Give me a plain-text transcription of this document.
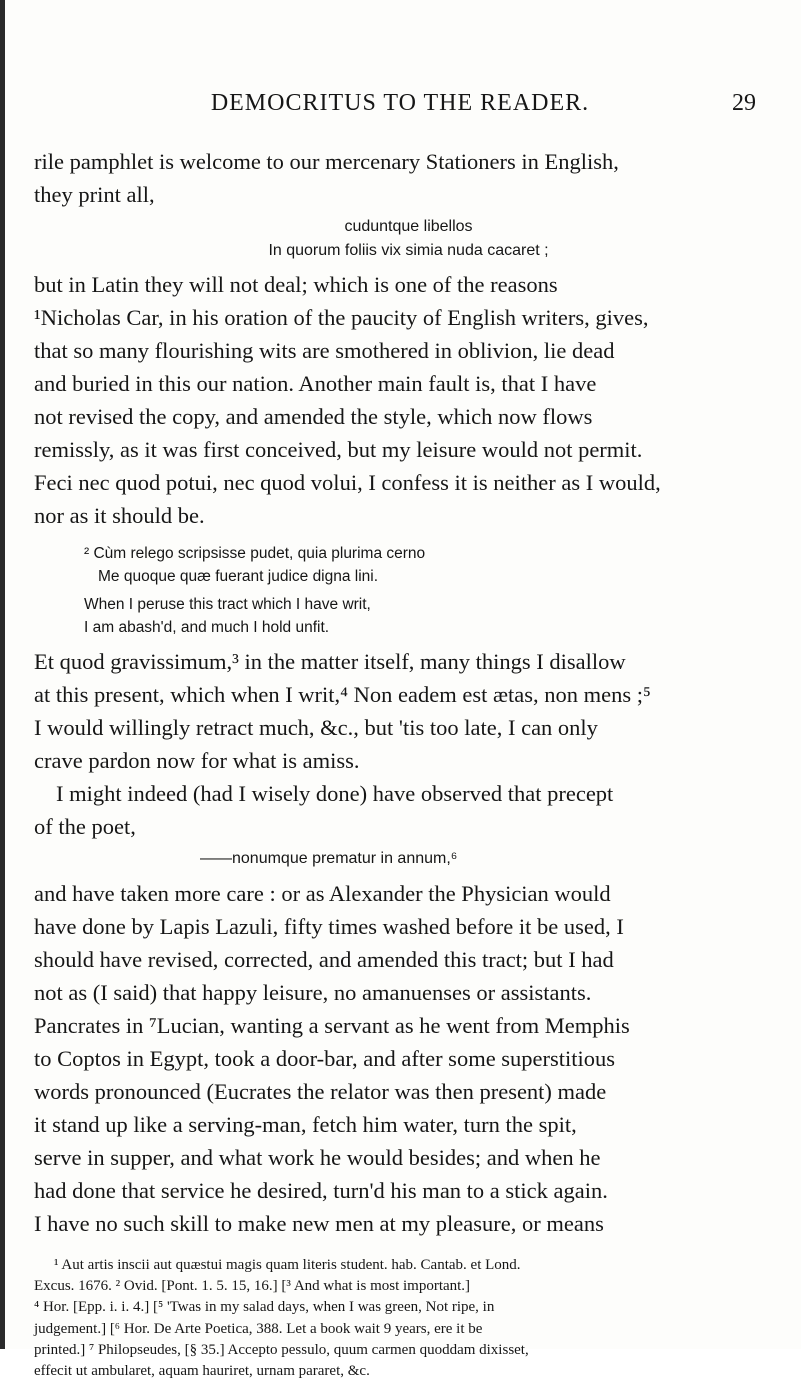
DEMOCRITUS TO THE READER.	29
rile pamphlet is welcome to our mercenary Stationers in English,
they print all,
cuduntque libellos
In quorum foliis vix simia nuda cacaret ;
but in Latin they will not deal; which is one of the reasons
¹Nicholas Car, in his oration of the paucity of English writers, gives,
that so many flourishing wits are smothered in oblivion, lie dead
and buried in this our nation. Another main fault is, that I have
not revised the copy, and amended the style, which now flows
remissly, as it was first conceived, but my leisure would not permit.
Feci nec quod potui, nec quod volui, I confess it is neither as I would,
nor as it should be.
² Cùm relego scripsisse pudet, quia plurima cerno
Me quoque quæ fuerant judice digna lini.
When I peruse this tract which I have writ,
I am abash'd, and much I hold unfit.
Et quod gravissimum,³ in the matter itself, many things I disallow
at this present, which when I writ,⁴ Non eadem est ætas, non mens ;⁵
I would willingly retract much, &c., but 'tis too late, I can only
crave pardon now for what is amiss.
I might indeed (had I wisely done) have observed that precept
of the poet,
——nonumque prematur in annum,⁶
and have taken more care : or as Alexander the Physician would
have done by Lapis Lazuli, fifty times washed before it be used, I
should have revised, corrected, and amended this tract; but I had
not as (I said) that happy leisure, no amanuenses or assistants.
Pancrates in ⁷Lucian, wanting a servant as he went from Memphis
to Coptos in Egypt, took a door-bar, and after some superstitious
words pronounced (Eucrates the relator was then present) made
it stand up like a serving-man, fetch him water, turn the spit,
serve in supper, and what work he would besides; and when he
had done that service he desired, turn'd his man to a stick again.
I have no such skill to make new men at my pleasure, or means
¹ Aut artis inscii aut quæstui magis quam literis student. hab. Cantab. et Lond.
Excus. 1676. ² Ovid. [Pont. 1. 5. 15, 16.] [³ And what is most important.]
⁴ Hor. [Epp. i. i. 4.] [⁵ 'Twas in my salad days, when I was green, Not ripe, in
judgement.] [⁶ Hor. De Arte Poetica, 388. Let a book wait 9 years, ere it be
printed.] ⁷ Philopseudes, [§ 35.] Accepto pessulo, quum carmen quoddam dixisset,
effecit ut ambularet, aquam hauriret, urnam pararet, &c.
